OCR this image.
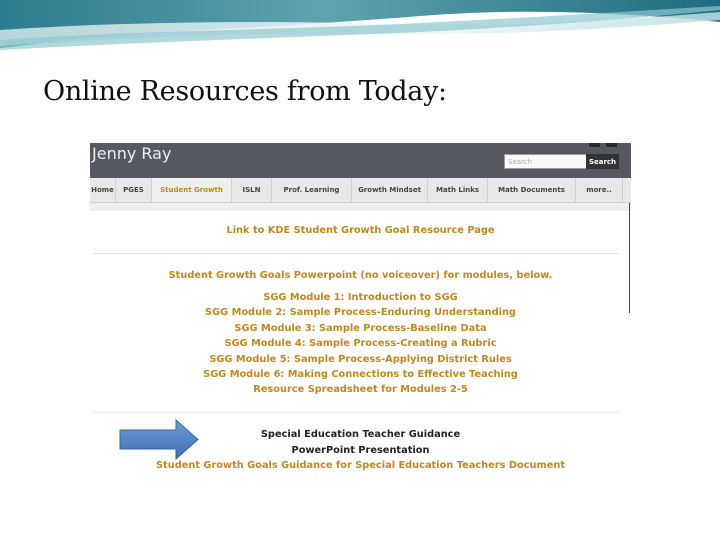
Online Resources from Today:
Jenny Ray
Search	Search
Home	PGES	Student Growth	ISLN	Prof. Learning	Growth Mindset	Math Links	Math Documents	more..
Link to KDE Student Growth Goal Resource Page
Student Growth Goals Powerpoint (no voiceover) for modules, below.
SGG Module 1: Introduction to SGG
SGG Module 2: Sample Process-Enduring Understanding
SGG Module 3: Sample Process-Baseline Data
SGG Module 4: Sample Process-Creating a Rubric
SGG Module 5: Sample Process-Applying District Rules
SGG Module 6: Making Connections to Effective Teaching
Resource Spreadsheet for Modules 2-5
Special Education Teacher Guidance
PowerPoint Presentation
Student Growth Goals Guidance for Special Education Teachers Document
